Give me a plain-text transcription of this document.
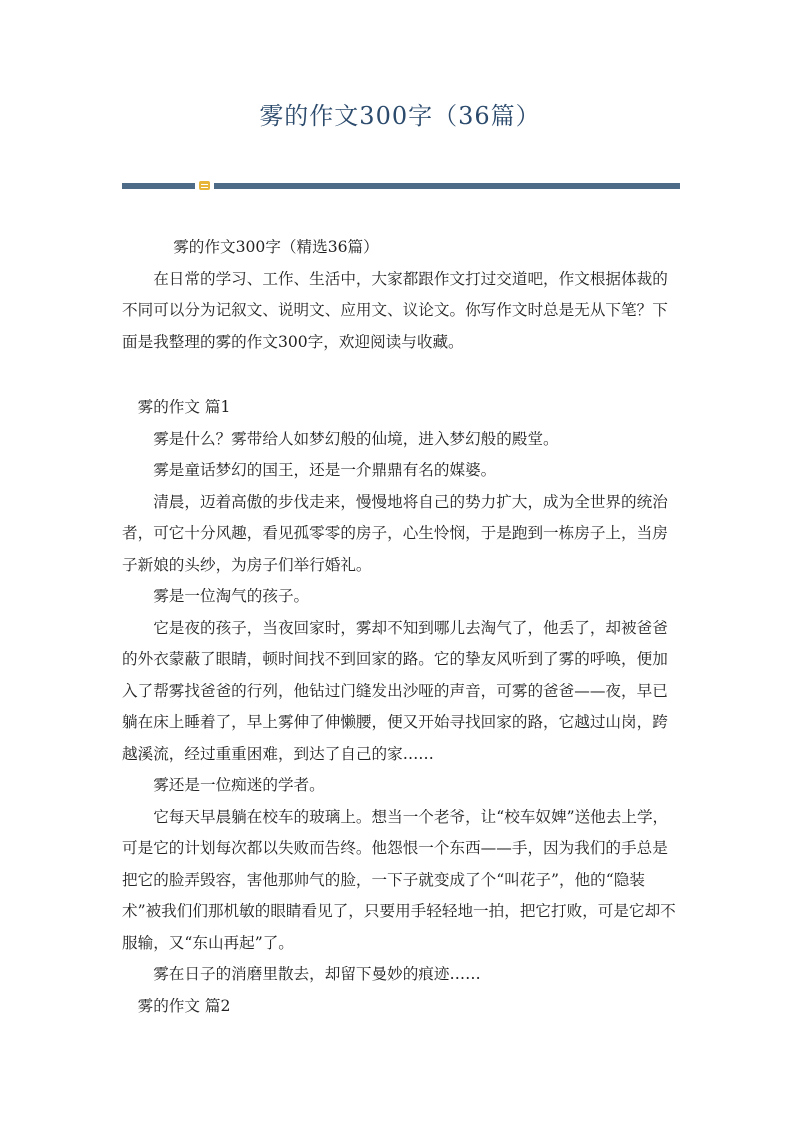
雾的作文300字（36篇）

雾的作文300字（精选36篇）

在日常的学习、工作、生活中，大家都跟作文打过交道吧，作文根据体裁的不同可以分为记叙文、说明文、应用文、议论文。你写作文时总是无从下笔？下面是我整理的雾的作文300字，欢迎阅读与收藏。

雾的作文 篇1

雾是什么？雾带给人如梦幻般的仙境，进入梦幻般的殿堂。

雾是童话梦幻的国王，还是一介鼎鼎有名的媒婆。

清晨，迈着高傲的步伐走来，慢慢地将自己的势力扩大，成为全世界的统治者，可它十分风趣，看见孤零零的房子，心生怜悯，于是跑到一栋房子上，当房子新娘的头纱，为房子们举行婚礼。

雾是一位淘气的孩子。

它是夜的孩子，当夜回家时，雾却不知到哪儿去淘气了，他丢了，却被爸爸的外衣蒙蔽了眼睛，顿时间找不到回家的路。它的挚友风听到了雾的呼唤，便加入了帮雾找爸爸的行列，他钻过门缝发出沙哑的声音，可雾的爸爸——夜，早已躺在床上睡着了，早上雾伸了伸懒腰，便又开始寻找回家的路，它越过山岗，跨越溪流，经过重重困难，到达了自己的家……

雾还是一位痴迷的学者。

它每天早晨躺在校车的玻璃上。想当一个老爷，让“校车奴婢”送他去上学，可是它的计划每次都以失败而告终。他怨恨一个东西——手，因为我们的手总是把它的脸弄毁容，害他那帅气的脸，一下子就变成了个“叫花子”，他的“隐装术”被我们们那机敏的眼睛看见了，只要用手轻轻地一拍，把它打败，可是它却不服输，又“东山再起”了。

雾在日子的消磨里散去，却留下曼妙的痕迹……

雾的作文 篇2
